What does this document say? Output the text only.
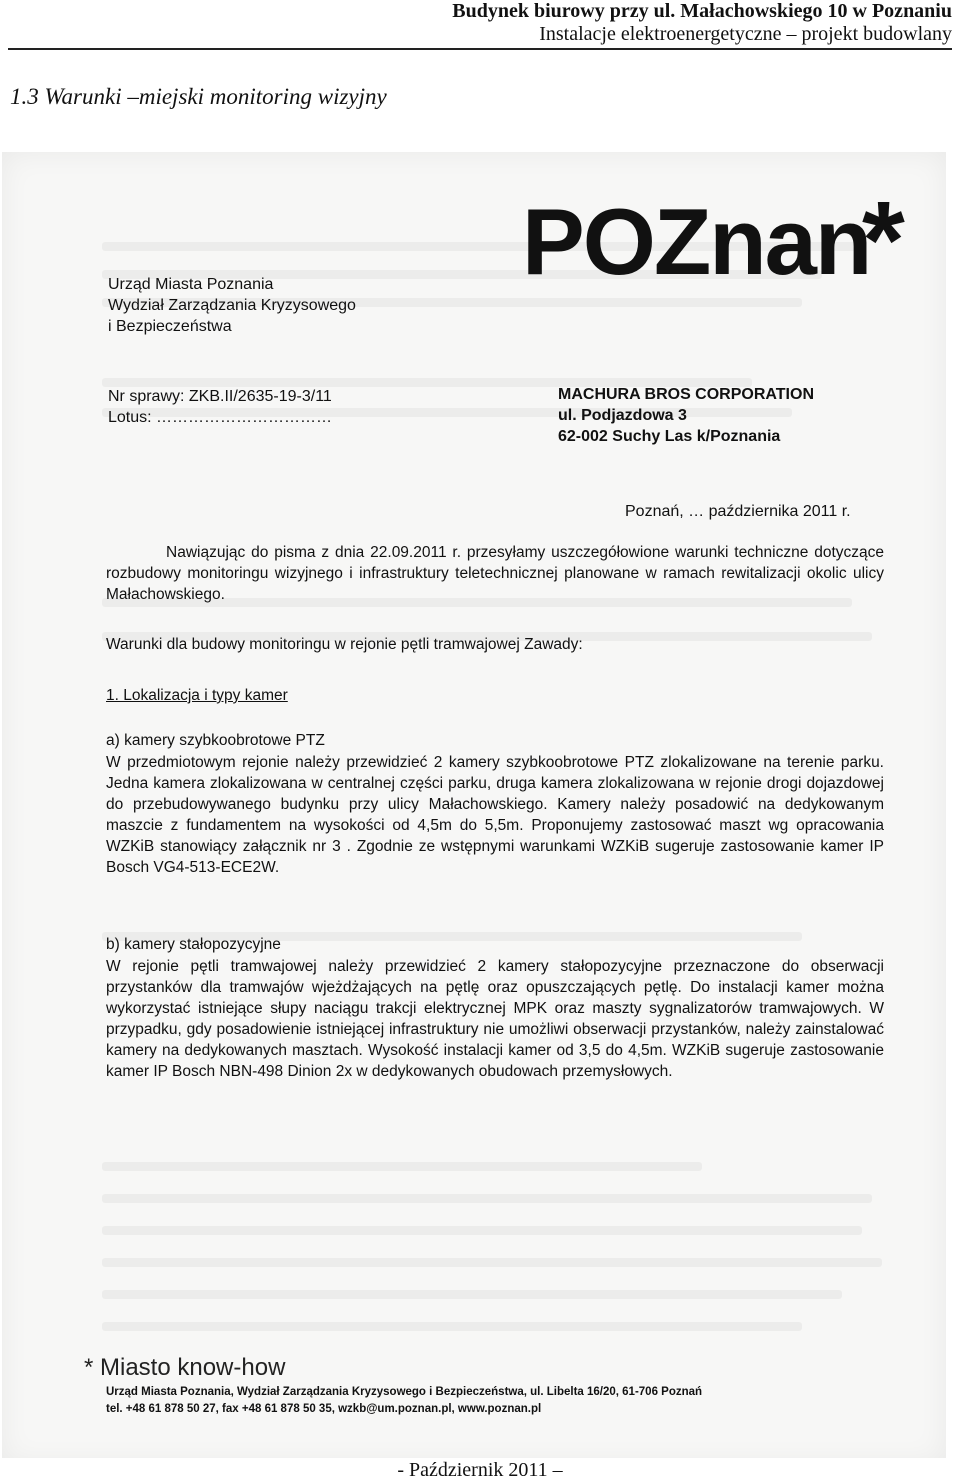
Budynek biurowy przy ul. Małachowskiego 10 w Poznaniu
Instalacje elektroenergetyczne – projekt budowlany
1.3 Warunki –miejski monitoring wizyjny
POZnan
*
Urząd Miasta Poznania
Wydział Zarządzania Kryzysowego
i Bezpieczeństwa
Nr sprawy: ZKB.II/2635-19-3/11
Lotus: ……………………………
MACHURA BROS CORPORATION
ul. Podjazdowa 3
62-002 Suchy Las k/Poznania
Poznań, … października 2011 r.
Nawiązując do pisma z dnia 22.09.2011 r. przesyłamy uszczegółowione warunki techniczne dotyczące rozbudowy monitoringu wizyjnego i infrastruktury teletechnicznej planowane w ramach rewitalizacji okolic ulicy Małachowskiego.
Warunki dla budowy monitoringu w rejonie pętli tramwajowej Zawady:
1. Lokalizacja i typy kamer
a) kamery szybkoobrotowe PTZ
W przedmiotowym rejonie należy przewidzieć 2 kamery szybkoobrotowe PTZ zlokalizowane na terenie parku. Jedna kamera zlokalizowana w centralnej części parku, druga kamera zlokalizowana w rejonie drogi dojazdowej do przebudowywanego budynku przy ulicy Małachowskiego. Kamery należy posadowić na dedykowanym maszcie z fundamentem na wysokości od 4,5m do 5,5m. Proponujemy zastosować maszt wg opracowania WZKiB stanowiący załącznik nr 3 . Zgodnie ze wstępnymi warunkami WZKiB sugeruje zastosowanie kamer IP Bosch VG4-513-ECE2W.
b) kamery stałopozycyjne
W rejonie pętli tramwajowej należy przewidzieć 2 kamery stałopozycyjne przeznaczone do obserwacji przystanków dla tramwajów wjeżdżających na pętlę oraz opuszczających pętlę. Do instalacji kamer można wykorzystać istniejące słupy naciągu trakcji elektrycznej MPK oraz maszty sygnalizatorów tramwajowych. W przypadku, gdy posadowienie istniejącej infrastruktury nie umożliwi obserwacji przystanków, należy zainstalować kamery na dedykowanych masztach. Wysokość instalacji kamer od 3,5 do 4,5m. WZKiB sugeruje zastosowanie kamer IP Bosch NBN-498 Dinion 2x w dedykowanych obudowach przemysłowych.
* Miasto know-how
Urząd Miasta Poznania, Wydział Zarządzania Kryzysowego i Bezpieczeństwa, ul. Libelta 16/20, 61-706 Poznań
tel. +48 61 878 50 27, fax +48 61 878 50 35, wzkb@um.poznan.pl, www.poznan.pl
- Październik 2011 –
